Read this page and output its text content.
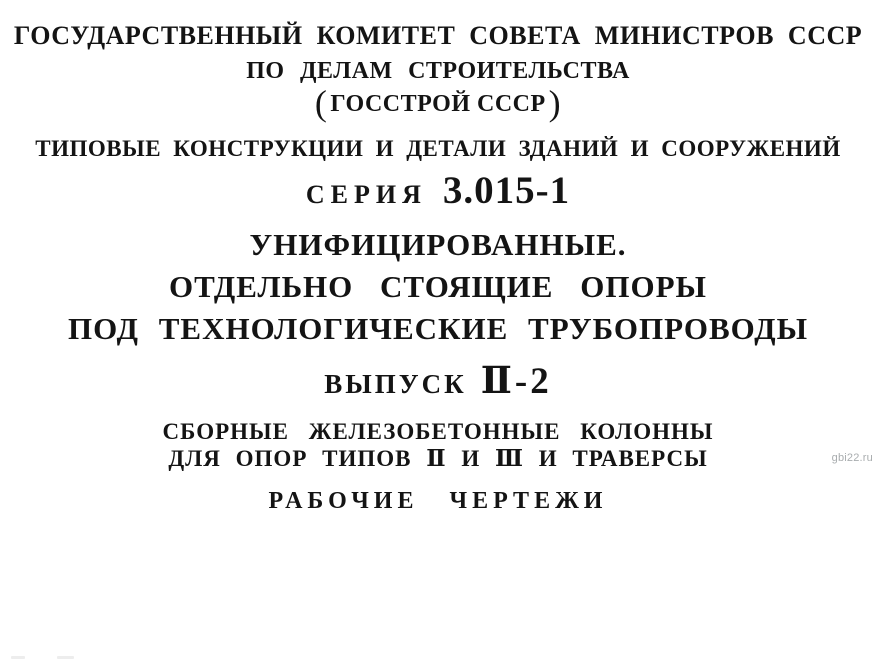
ГОСУДАРСТВЕННЫЙ КОМИТЕТ СОВЕТА МИНИСТРОВ СССР
ПО ДЕЛАМ СТРОИТЕЛЬСТВА
( ГОССТРОЙ СССР)
ТИПОВЫЕ КОНСТРУКЦИИ И ДЕТАЛИ ЗДАНИЙ И СООРУЖЕНИЙ
СЕРИЯ 3.015-1
УНИФИЦИРОВАННЫЕ.
ОТДЕЛЬНО СТОЯЩИЕ ОПОРЫ
ПОД ТЕХНОЛОГИЧЕСКИЕ ТРУБОПРОВОДЫ
ВЫПУСК Ⅱ-2
СБОРНЫЕ ЖЕЛЕЗОБЕТОННЫЕ КОЛОННЫ
ДЛЯ ОПОР ТИПОВ Ⅱ И Ⅲ И ТРАВЕРСЫ
РАБОЧИЕ ЧЕРТЕЖИ
gbi22.ru
